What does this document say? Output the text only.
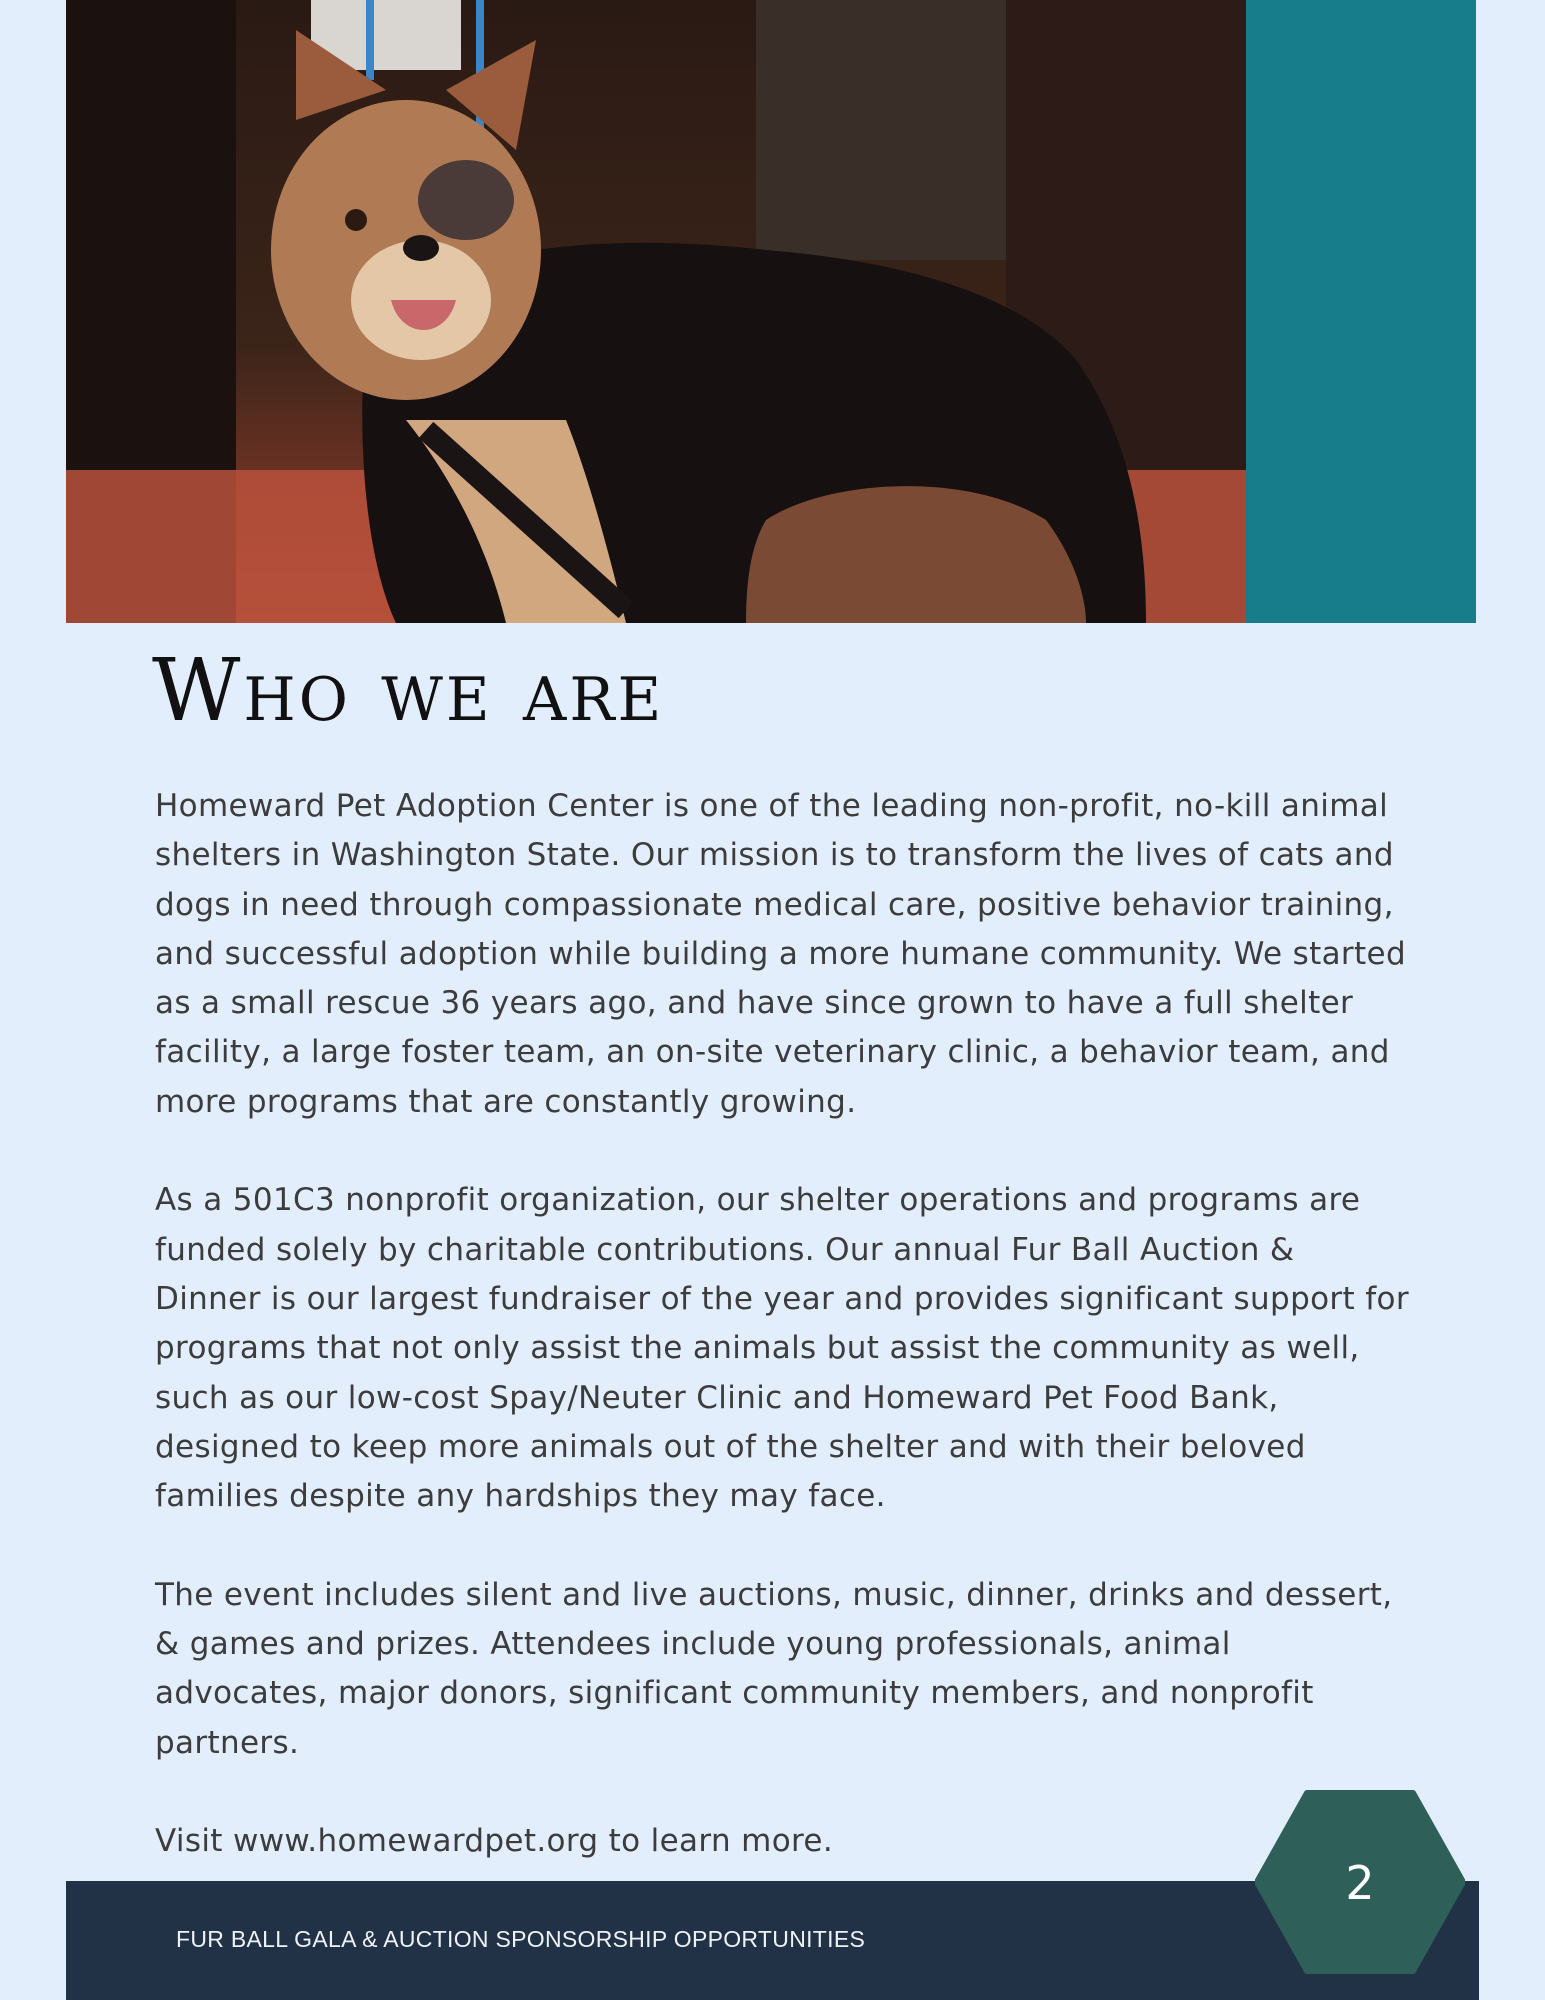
Who we are

Homeward Pet Adoption Center is one of the leading non-profit, no-kill animal shelters in Washington State. Our mission is to transform the lives of cats and dogs in need through compassionate medical care, positive behavior training, and successful adoption while building a more humane community. We started as a small rescue 36 years ago, and have since grown to have a full shelter facility, a large foster team, an on-site veterinary clinic, a behavior team, and more programs that are constantly growing.

As a 501C3 nonprofit organization, our shelter operations and programs are funded solely by charitable contributions. Our annual Fur Ball Auction & Dinner is our largest fundraiser of the year and provides significant support for programs that not only assist the animals but assist the community as well, such as our low-cost Spay/Neuter Clinic and Homeward Pet Food Bank, designed to keep more animals out of the shelter and with their beloved families despite any hardships they may face.

The event includes silent and live auctions, music, dinner, drinks and dessert, & games and prizes. Attendees include young professionals, animal advocates, major donors, significant community members, and nonprofit partners.

Visit www.homewardpet.org to learn more.

FUR BALL GALA & AUCTION SPONSORSHIP OPPORTUNITIES
2
